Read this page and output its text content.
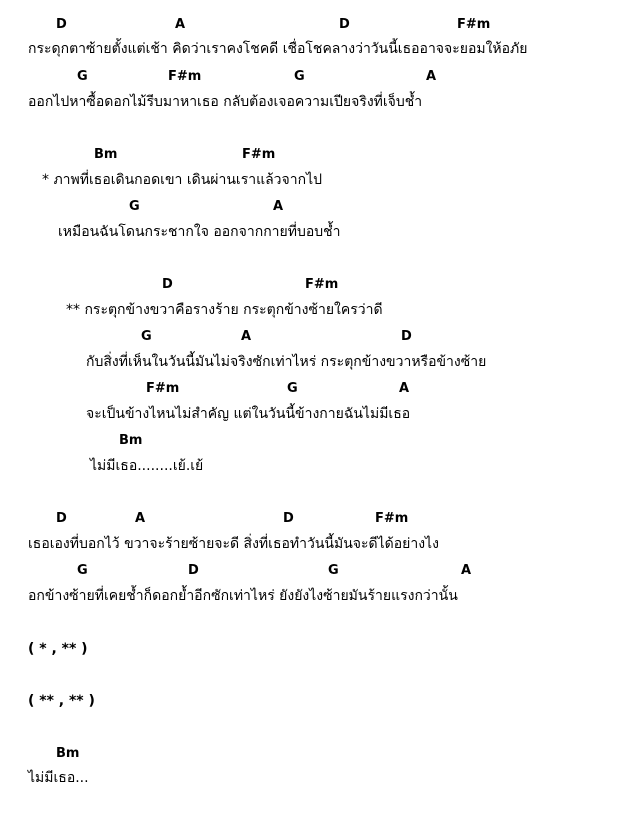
D

	A

	D

	F#m

กระดุกตาซ้ายตั้งแต่เช้า คิดว่าเราคงโชคดี เชื่อโชคลางว่าวันนี้เธออาจจะยอมให้อภัย

G

	F#m

	G

	A

ออกไปหาซื้อดอกไม้รีบมาหาเธอ กลับต้องเจอความเปียจริงที่เจ็บช้ำ

Bm

	F#m

* ภาพที่เธอเดินกอดเขา เดินผ่านเราแล้วจากไป

G

	A

เหมือนฉันโดนกระชากใจ ออกจากกายที่บอบช้ำ

D

	F#m

** กระตุกข้างขวาคือรางร้าย กระตุกข้างซ้ายใครว่าดี

G

	A

	D

กับสิ่งที่เห็นในวันนี้มันไม่จริงซักเท่าไหร่ กระตุกข้างขวาหรือข้างซ้าย

F#m

	G

	A

จะเป็นข้างไหนไม่สำคัญ แต่ในวันนี้ข้างกายฉันไม่มีเธอ

Bm

ไม่มีเธอ........เย้.เย้

D

	A

	D

	F#m

เธอเองที่บอกไว้ ขวาจะร้ายซ้ายจะดี สิ่งที่เธอทำวันนี้มันจะดีได้อย่างไง

G

	D

	G

	A

อกข้างซ้ายที่เคยช้ำก็ดอกย้ำอีกซักเท่าไหร่ ยังยังไงซ้ายมันร้ายแรงกว่านั้น

( * , ** )

( ** , ** )

Bm

ไม่มีเธอ...
